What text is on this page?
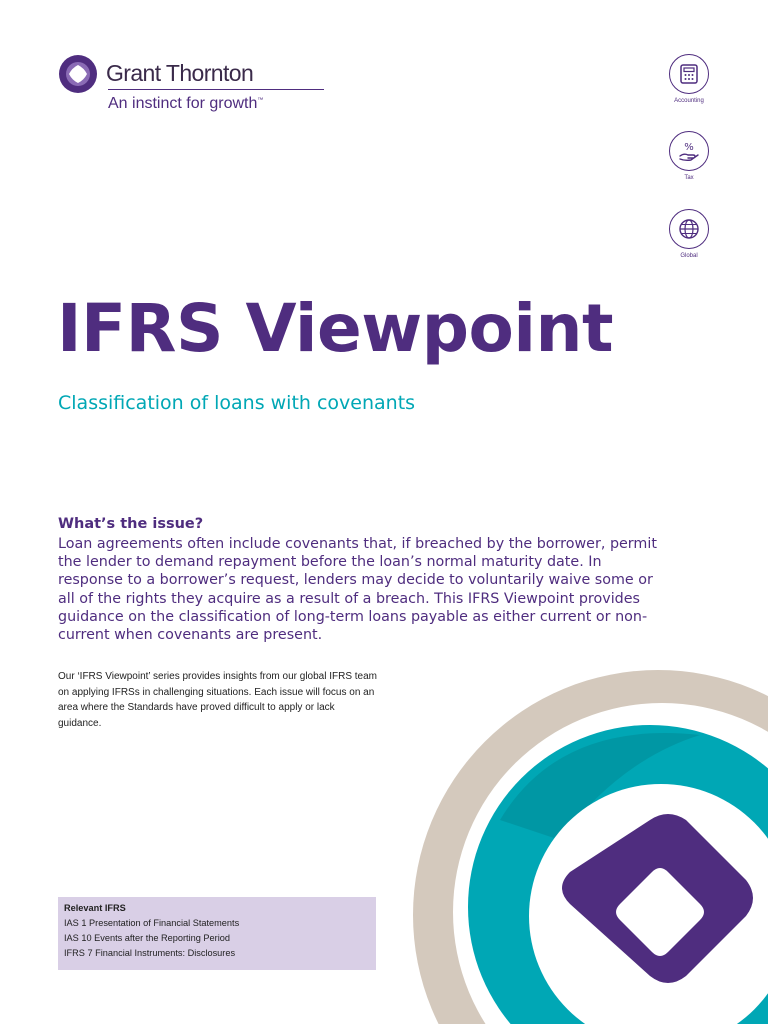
Grant Thornton
An instinct for growth™	Accounting
%
Tax
Global
IFRS Viewpoint
Classification of loans with covenants
What’s the issue?

Loan agreements often include covenants that, if breached by the borrower, permit the lender to demand repayment before the loan’s normal maturity date. In response to a borrower’s request, lenders may decide to voluntarily waive some or all of the rights they acquire as a result of a breach. This IFRS Viewpoint provides guidance on the classification of long-term loans payable as either current or non-current when covenants are present.

Our ‘IFRS Viewpoint’ series provides insights from our global IFRS team on applying IFRSs in challenging situations. Each issue will focus on an area where the Standards have proved difficult to apply or lack guidance.

Relevant IFRS
IAS 1 Presentation of Financial Statements
IAS 10 Events after the Reporting Period
IFRS 7 Financial Instruments: Disclosures
